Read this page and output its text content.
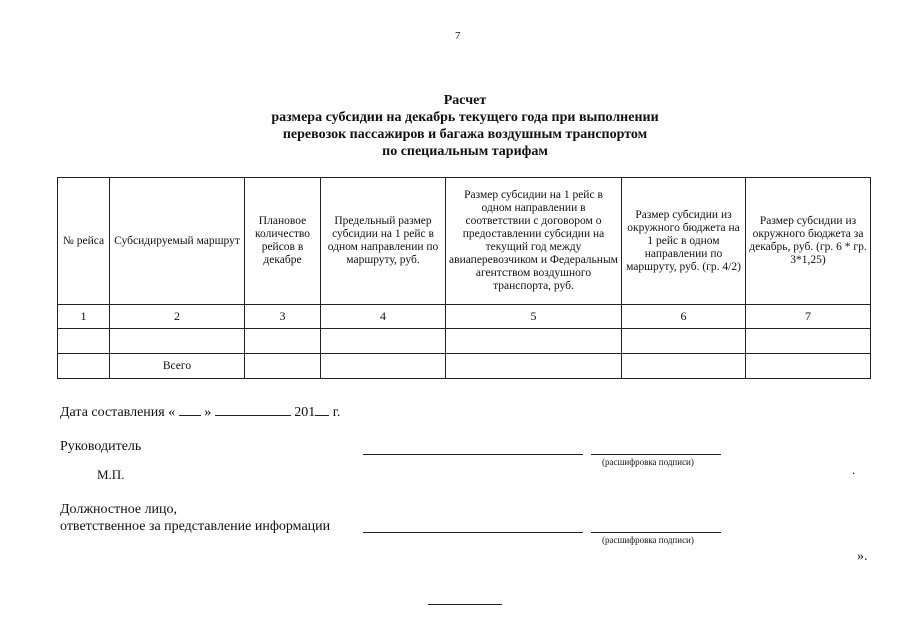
7
Расчет
размера субсидии на декабрь текущего года при выполнении
перевозок пассажиров и багажа воздушным транспортом
по специальным тарифам
№ рейса	Субсидируемый маршрут	Плановое количество рейсов в декабре	Предельный размер субсидии на 1 рейс в одном направлении по маршруту, руб.	Размер субсидии на 1 рейс в одном направлении в соответствии с договором о предоставлении субсидии на текущий год между авиаперевозчиком и Федеральным агентством воздушного транспорта, руб.	Размер субсидии из окружного бюджета на 1 рейс в одном направлении по маршруту, руб. (гр. 4/2)	Размер субсидии из окружного бюджета за декабрь, руб. (гр. 6 * гр. 3*1,25)
1	2	3	4	5	6	7

	Всего					
Дата составления « »	201 г.
Руководитель
(расшифровка подписи)
М.П.	.
Должностное лицо,
ответственное за представление информации
(расшифровка подписи)
».
